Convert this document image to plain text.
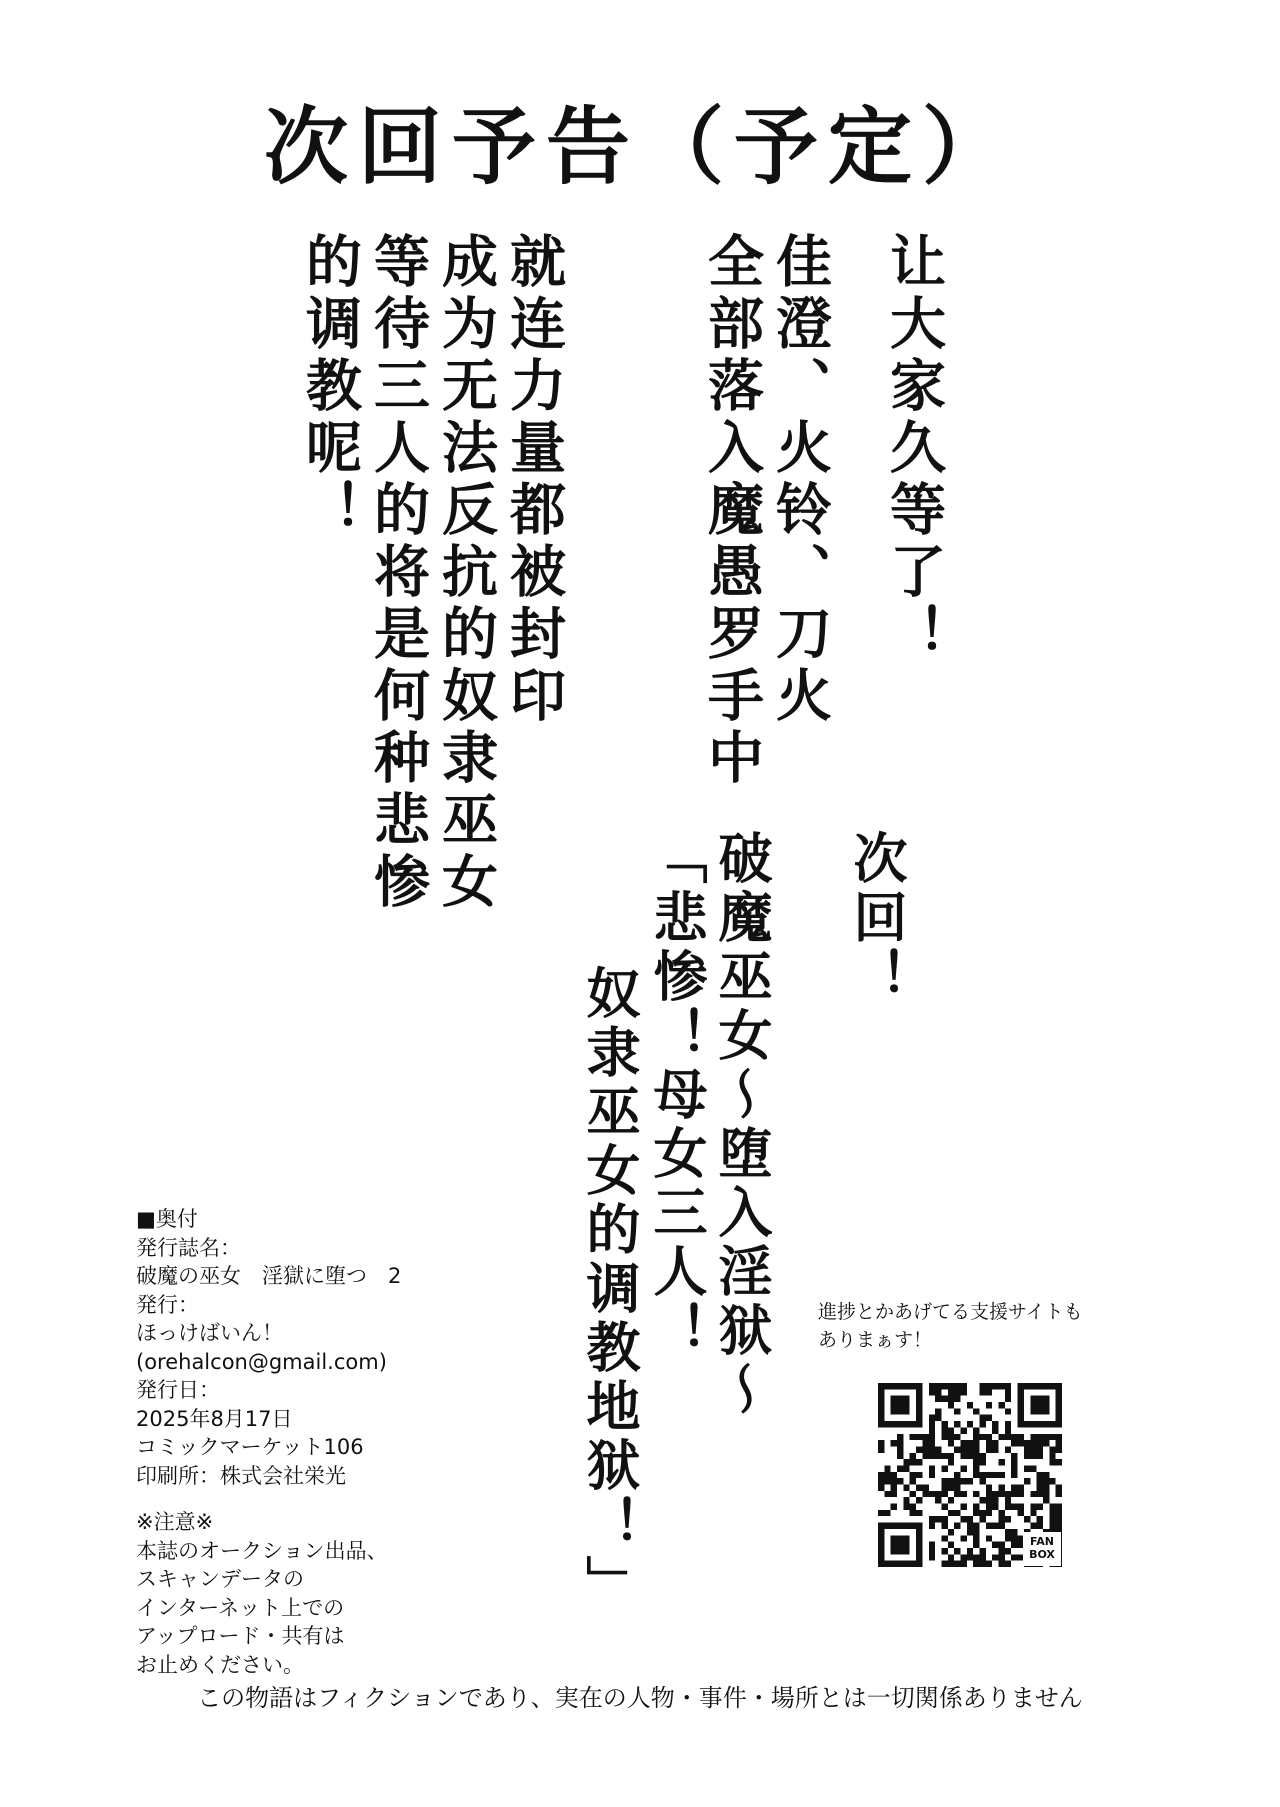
次回予告（予定）
让大家久等了！
佳澄、火铃、刀火
全部落入魔愚罗手中
就连力量都被封印
成为无法反抗的奴隶巫女
等待三人的将是何种悲惨
的调教呢！
次回！
破魔巫女～堕入淫狱～
「悲惨！母女三人！
奴隶巫女的调教地狱！」
■奥付
発行誌名：
破魔の巫女　淫獄に堕つ　2
発行：
ほっけばいん！
(orehalcon@gmail.com)
発行日：
2025年8月17日
コミックマーケット106
印刷所：株式会社栄光
※注意※
本誌のオークション出品、
スキャンデータの
インターネット上での
アップロード・共有は
お止めください。
進捗とかあげてる支援サイトも
ありまぁす！
FAN
BOX
この物語はフィクションであり、実在の人物・事件・場所とは一切関係ありません
